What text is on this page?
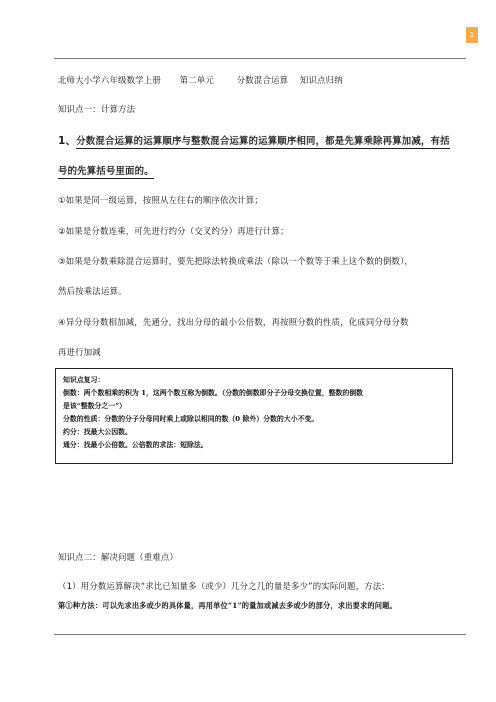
1
北师大小学六年级数学上册 第二单元	分数混合运算 知识点归纳
知识点一：计算方法
1、分数混合运算的运算顺序与整数混合运算的运算顺序相同，都是先算乘除再算加减，有括
号的先算括号里面的。
①如果是同一级运算，按照从左往右的顺序依次计算；
②如果是分数连乘，可先进行约分（交叉约分）再进行计算；
③如果是分数乘除混合运算时，要先把除法转换成乘法（除以一个数等于乘上这个数的倒数），
然后按乘法运算。
④异分母分数相加减，先通分，找出分母的最小公倍数，再按照分数的性质，化成同分母分数
再进行加减
知识点复习：
倒数：两个数相乘的积为 1，这两个数互称为倒数。（分数的倒数即分子分母交换位置，整数的倒数
是该“整数分之一”）
分数的性质：分数的分子分母同时乘上或除以相同的数（0 除外）分数的大小不变。
约分：找最大公因数。
通分：找最小公倍数。公倍数的求法：短除法。
知识点二：解决问题（重难点）
（1）用分数运算解决“求比已知量多（或少）几分之几的量是多少”的实际问题，方法：
第①种方法：可以先求出多或少的具体量，再用单位“1”的量加或减去多或少的部分，求出要求的问题。
